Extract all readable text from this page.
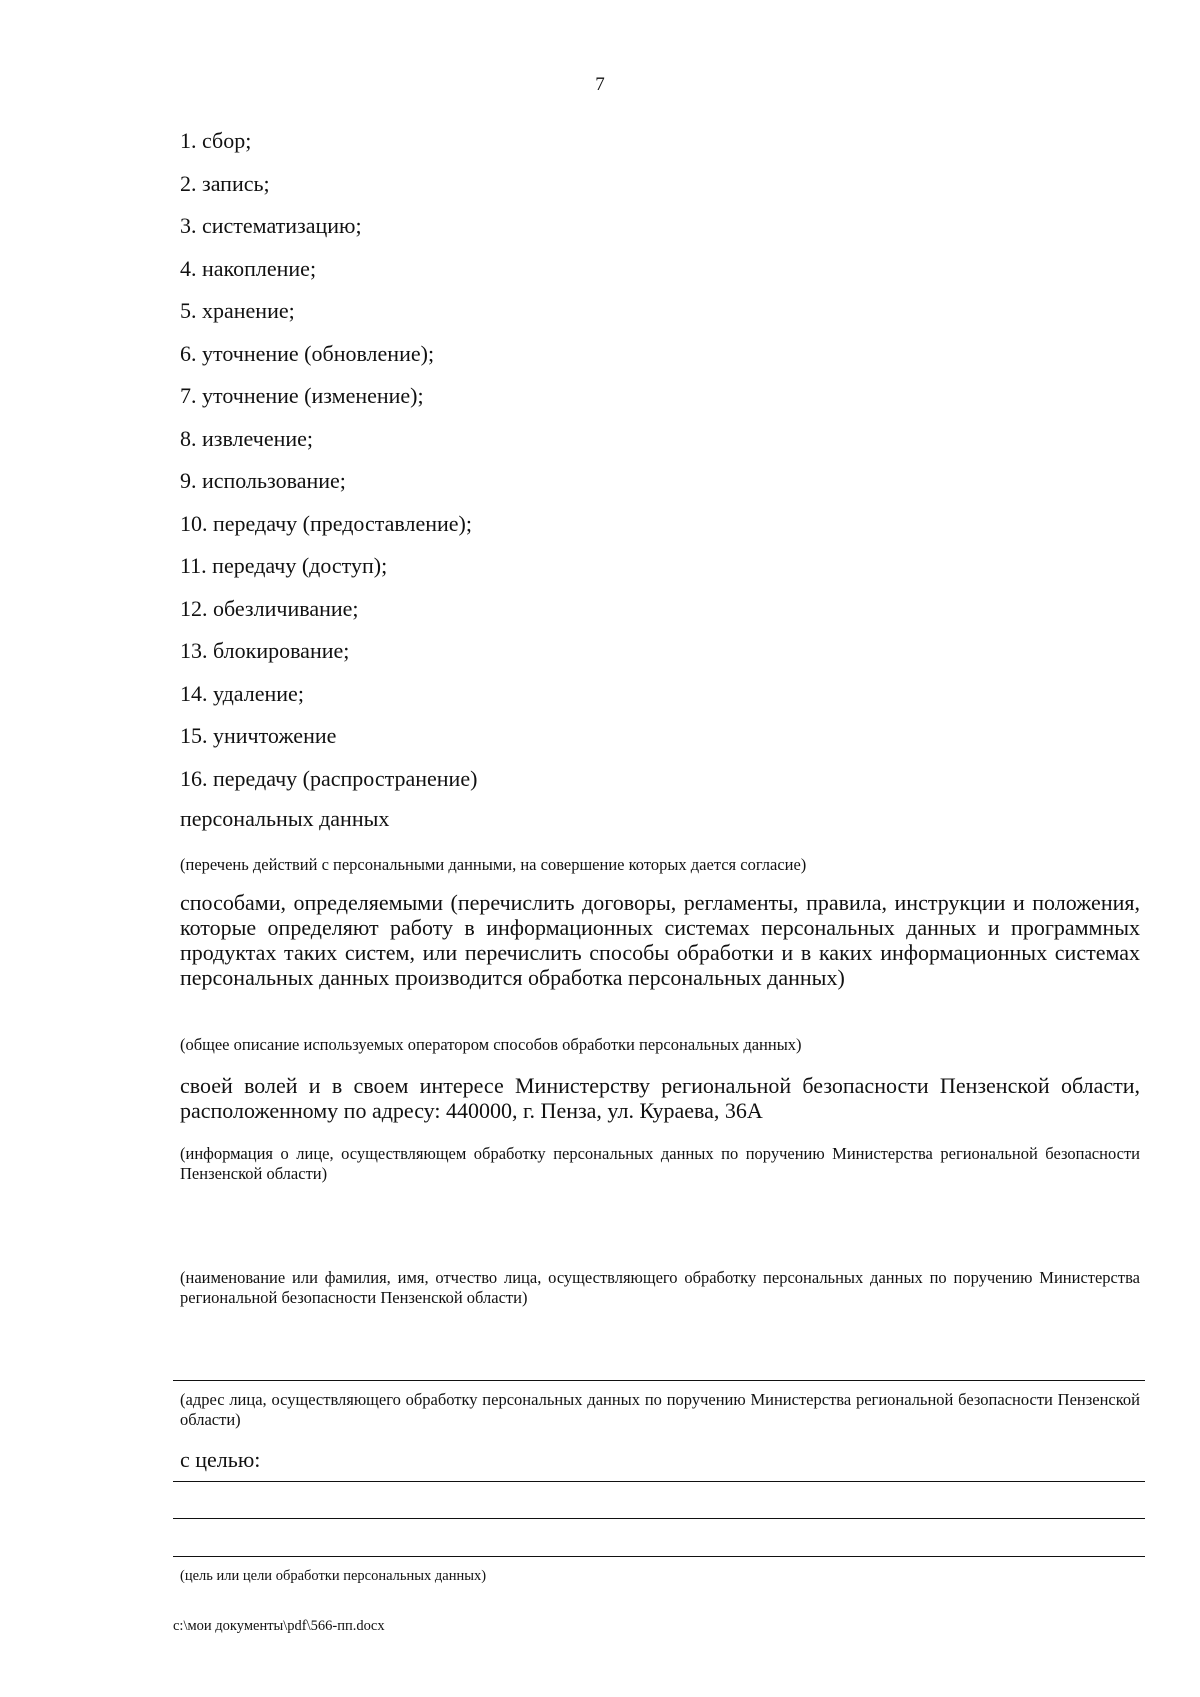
7
1. сбор;
2. запись;
3. систематизацию;
4. накопление;
5. хранение;
6. уточнение (обновление);
7. уточнение (изменение);
8. извлечение;
9. использование;
10. передачу (предоставление);
11. передачу (доступ);
12. обезличивание;
13. блокирование;
14. удаление;
15. уничтожение
16. передачу (распространение)
персональных данных
(перечень действий с персональными данными, на совершение которых дается согласие)
способами, определяемыми (перечислить договоры, регламенты, правила, инструкции и положения, которые определяют работу в информационных системах персональных данных и программных продуктах таких систем, или перечислить способы обработки и в каких информационных системах персональных данных производится обработка персональных данных)
(общее описание используемых оператором способов обработки персональных данных)
своей волей и в своем интересе Министерству региональной безопасности Пензенской области, расположенному по адресу: 440000, г. Пенза, ул. Кураева, 36А
(информация о лице, осуществляющем обработку персональных данных по поручению Министерства региональной безопасности Пензенской области)
(наименование или фамилия, имя, отчество лица, осуществляющего обработку персональных данных по поручению Министерства региональной безопасности Пензенской области)
(адрес лица, осуществляющего обработку персональных данных по поручению Министерства региональной безопасности Пензенской области)
с целью:
(цель или цели обработки персональных данных)
c:\мои документы\pdf\566-пп.docx
